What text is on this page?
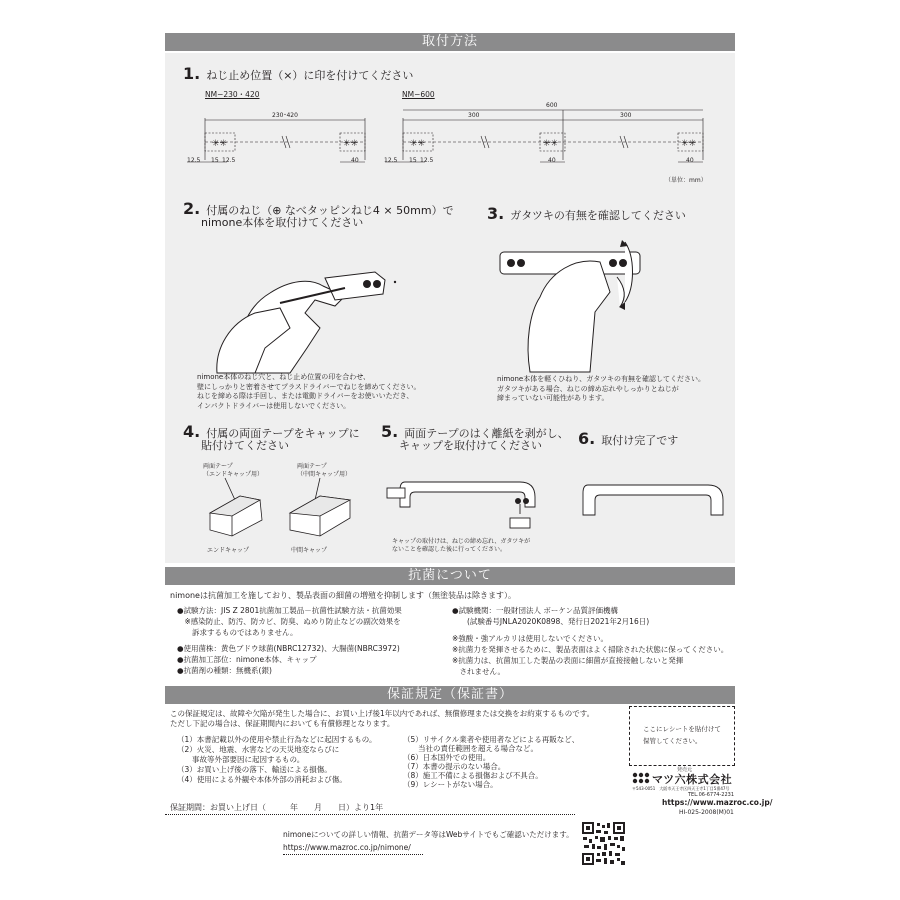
取付方法
1. ねじ止め位置（×）に印を付けてください
NM−230・420	NM−600
✳✳	✳✳	✳✳	✳✳	✳✳
230･420
600
300	300
12.5 15 12.5	40	12.5 15 12.5	40	40
（単位：mm）
2. 付属のねじ（⊕ なべタッピンねじ4 × 50mm）で
nimone本体を取付けてください
nimone本体のねじ穴と、ねじ止め位置の印を合わせ、
壁にしっかりと密着させてプラスドライバーでねじを締めてください。
ねじを締める際は手回し、または電動ドライバーをお使いいただき、
インパクトドライバーは使用しないでください。
3. ガタツキの有無を確認してください
nimone本体を軽くひねり、ガタツキの有無を確認してください。
ガタツキがある場合、ねじの締め忘れやしっかりとねじが
締まっていない可能性があります。
4. 付属の両面テープをキャップに
貼付けてください
両面テープ
（エンドキャップ用）
両面テープ
（中間キャップ用）
エンドキャップ	中間キャップ
5. 両面テープのはく離紙を剥がし、
キャップを取付けてください
キャップの取付けは、ねじの締め忘れ、ガタツキが
ないことを確認した後に行ってください。
6. 取付け完了です
抗菌について
nimoneは抗菌加工を施しており、製品表面の細菌の増殖を抑制します（無塗装品は除きます）。
●試験方法：JIS Z 2801抗菌加工製品－抗菌性試験方法・抗菌効果
　※感染防止、防汚、防カビ、防臭、ぬめり防止などの副次効果を
　　訴求するものではありません。
●使用菌株：黄色ブドウ球菌(NBRC12732)、大腸菌(NBRC3972)
●抗菌加工部位：nimone本体、キャップ
●抗菌剤の種類：無機系(銀)
●試験機関：一般財団法人 ボーケン品質評価機構
　　(試験番号JNLA2020K0898、発行日2021年2月16日)
※強酸・強アルカリは使用しないでください。
※抗菌力を発揮させるために、製品表面はよく掃除された状態に保ってください。
※抗菌力は、抗菌加工した製品の表面に細菌が直接接触しないと発揮
　されません。
保証規定（保証書）
この保証規定は、故障や欠陥が発生した場合に、お買い上げ後1年以内であれば、無償修理または交換をお約束するものです。
ただし下記の場合は、保証期間内においても有償修理となります。
（1）本書記載以外の使用や禁止行為などに起因するもの。
（2）火災、地震、水害などの天災地変ならびに
　　事故等外部要因に起因するもの。
（3）お買い上げ後の落下、輸送による損傷。
（4）使用による外観や本体外部の消耗および傷。
（5）リサイクル業者や使用者などによる再販など、
　　当社の責任範囲を超える場合など。
（6）日本国外での使用。
（7）本書の提示のない場合。
（8）施工不備による損傷および不具合。
（9）レシートがない場合。
保証期間：お買い上げ日（　　　年　　月　　日）より1年
ここにレシートを貼付けて
保管してください。
発売元
マツ六株式会社
〒543-0051　大阪市天王寺区四天王寺1丁目5番47号
TEL.06-6774-2231
https://www.mazroc.co.jp/
HI-025-2008(M)01
nimoneについての詳しい情報、抗菌データ等はWebサイトでもご確認いただけます。
https://www.mazroc.co.jp/nimone/
